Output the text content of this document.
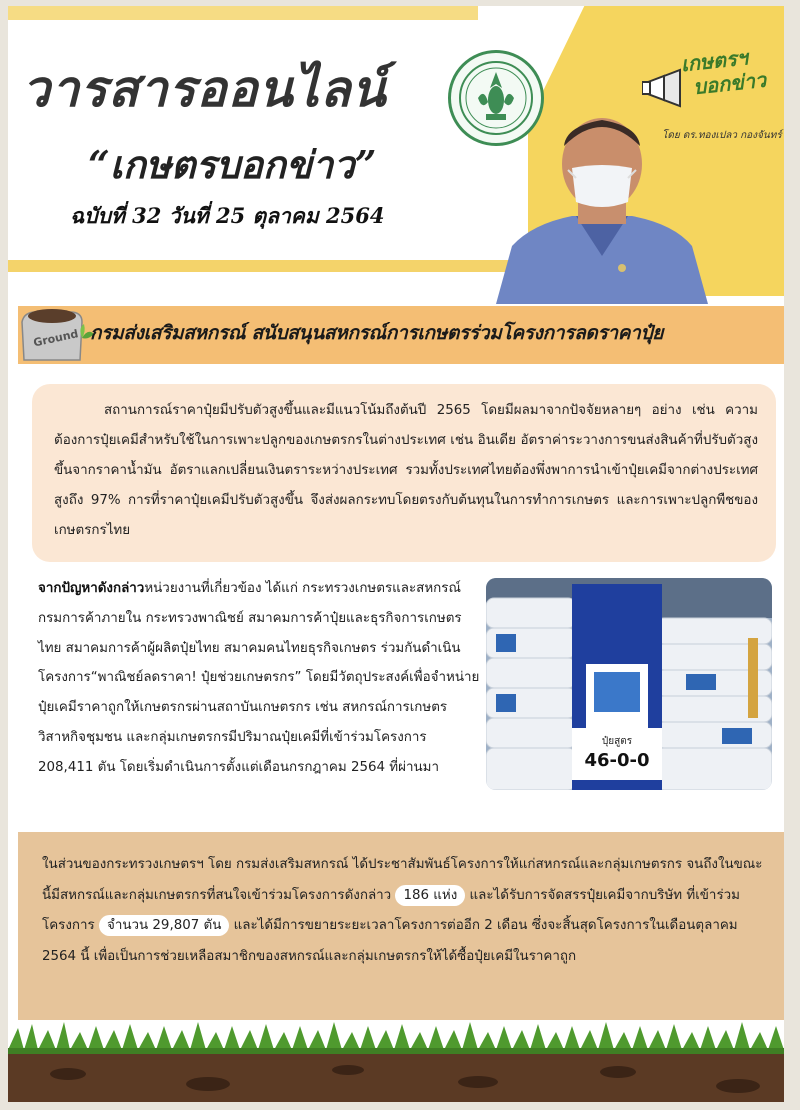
วารสารออนไลน์
“เกษตรบอกข่าว”

ฉบับที่ 32 วันที่ 25 ตุลาคม 2564

เกษตรฯ
บอกข่าว
โดย ดร.ทองเปลว กองจันทร์
Ground กรมส่งเสริมสหกรณ์ สนับสนุนสหกรณ์การเกษตรร่วมโครงการลดราคาปุ๋ย

สถานการณ์ราคาปุ๋ยมีปรับตัวสูงขึ้นและมีแนวโน้มถึงต้นปี 2565 โดยมีผลมาจากปัจจัยหลายๆ อย่าง เช่น ความต้องการปุ๋ยเคมีสำหรับใช้ในการเพาะปลูกของเกษตรกรในต่างประเทศ เช่น อินเดีย อัตราค่าระวางการขนส่งสินค้าที่ปรับตัวสูงขึ้นจากราคาน้ำมัน อัตราแลกเปลี่ยนเงินตราระหว่างประเทศ รวมทั้งประเทศไทยต้องพึ่งพาการนำเข้าปุ๋ยเคมีจากต่างประเทศสูงถึง 97% การที่ราคาปุ๋ยเคมีปรับตัวสูงขึ้น จึงส่งผลกระทบโดยตรงกับต้นทุนในการทำการเกษตร และการเพาะปลูกพืชของเกษตรกรไทย

จากปัญหาดังกล่าวหน่วยงานที่เกี่ยวข้อง ได้แก่ กระทรวงเกษตรและสหกรณ์ กรมการค้าภายใน กระทรวงพาณิชย์ สมาคมการค้าปุ๋ยและธุรกิจการเกษตรไทย สมาคมการค้าผู้ผลิตปุ๋ยไทย สมาคมคนไทยธุรกิจเกษตร ร่วมกันดำเนินโครงการ“พาณิชย์ลดราคา! ปุ๋ยช่วยเกษตรกร” โดยมีวัตถุประสงค์เพื่อจำหน่ายปุ๋ยเคมีราคาถูกให้เกษตรกรผ่านสถาบันเกษตรกร เช่น สหกรณ์การเกษตรวิสาหกิจชุมชน และกลุ่มเกษตรกรมีปริมาณปุ๋ยเคมีที่เข้าร่วมโครงการ 208,411 ตัน โดยเริ่มดำเนินการตั้งแต่เดือนกรกฎาคม 2564 ที่ผ่านมา

ปุ๋ยสูตร
46-0-0

ในส่วนของกระทรวงเกษตรฯ โดย กรมส่งเสริมสหกรณ์ ได้ประชาสัมพันธ์โครงการให้แก่สหกรณ์และกลุ่มเกษตรกร จนถึงในขณะนี้มีสหกรณ์และกลุ่มเกษตรกรที่สนใจเข้าร่วมโครงการดังกล่าว 186 แห่ง และได้รับการจัดสรรปุ๋ยเคมีจากบริษัท ที่เข้าร่วมโครงการ จำนวน 29,807 ตัน และได้มีการขยายระยะเวลาโครงการต่ออีก 2 เดือน ซึ่งจะสิ้นสุดโครงการในเดือนตุลาคม 2564 นี้ เพื่อเป็นการช่วยเหลือสมาชิกของสหกรณ์และกลุ่มเกษตรกรให้ได้ซื้อปุ๋ยเคมีในราคาถูก
